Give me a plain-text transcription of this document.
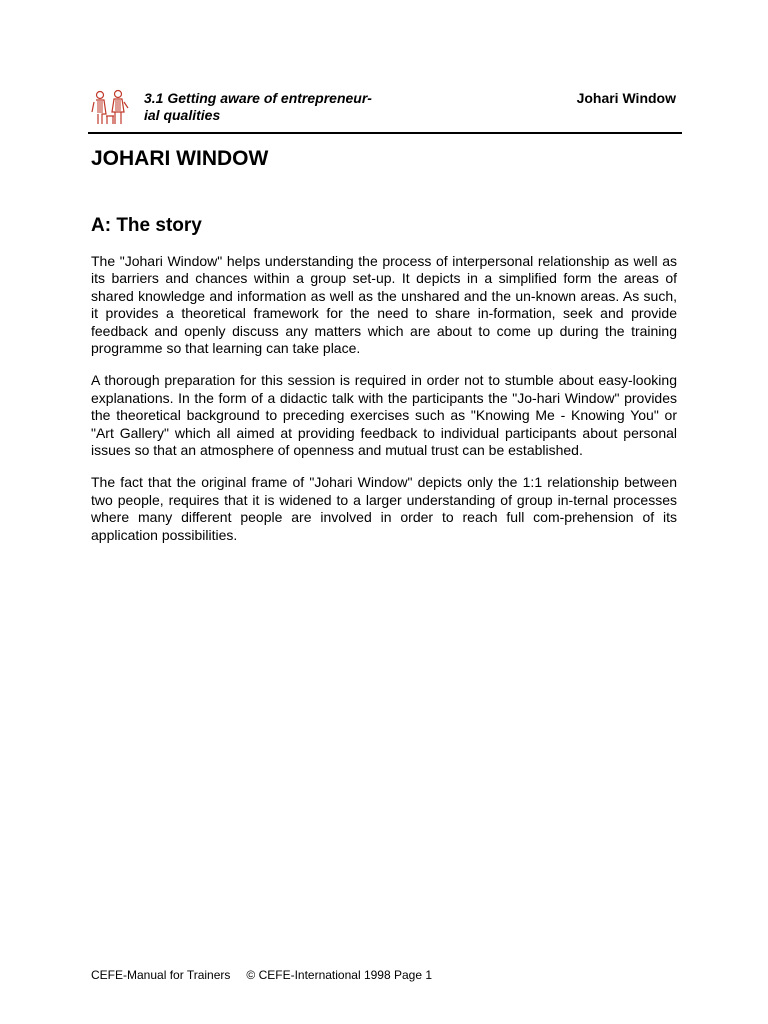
3.1 Getting aware of entrepreneur-
ial qualities
Johari Window
JOHARI WINDOW
A: The story

The "Johari Window" helps understanding the process of interpersonal relationship as well as its barriers and chances within a group set-up. It depicts in a simplified form the areas of shared knowledge and information as well as the unshared and the un-known areas. As such, it provides a theoretical framework for the need to share in-formation, seek and provide feedback and openly discuss any matters which are about to come up during the training programme so that learning can take place.

A thorough preparation for this session is required in order not to stumble about easy-looking explanations. In the form of a didactic talk with the participants the "Jo-hari Window" provides the theoretical background to preceding exercises such as "Knowing Me - Knowing You" or "Art Gallery" which all aimed at providing feedback to individual participants about personal issues so that an atmosphere of openness and mutual trust can be established.

The fact that the original frame of "Johari Window" depicts only the 1:1 relationship between two people, requires that it is widened to a larger understanding of group in-ternal processes where many different people are involved in order to reach full com-prehension of its application possibilities.

CEFE-Manual for Trainers © CEFE-International 1998 Page 1
